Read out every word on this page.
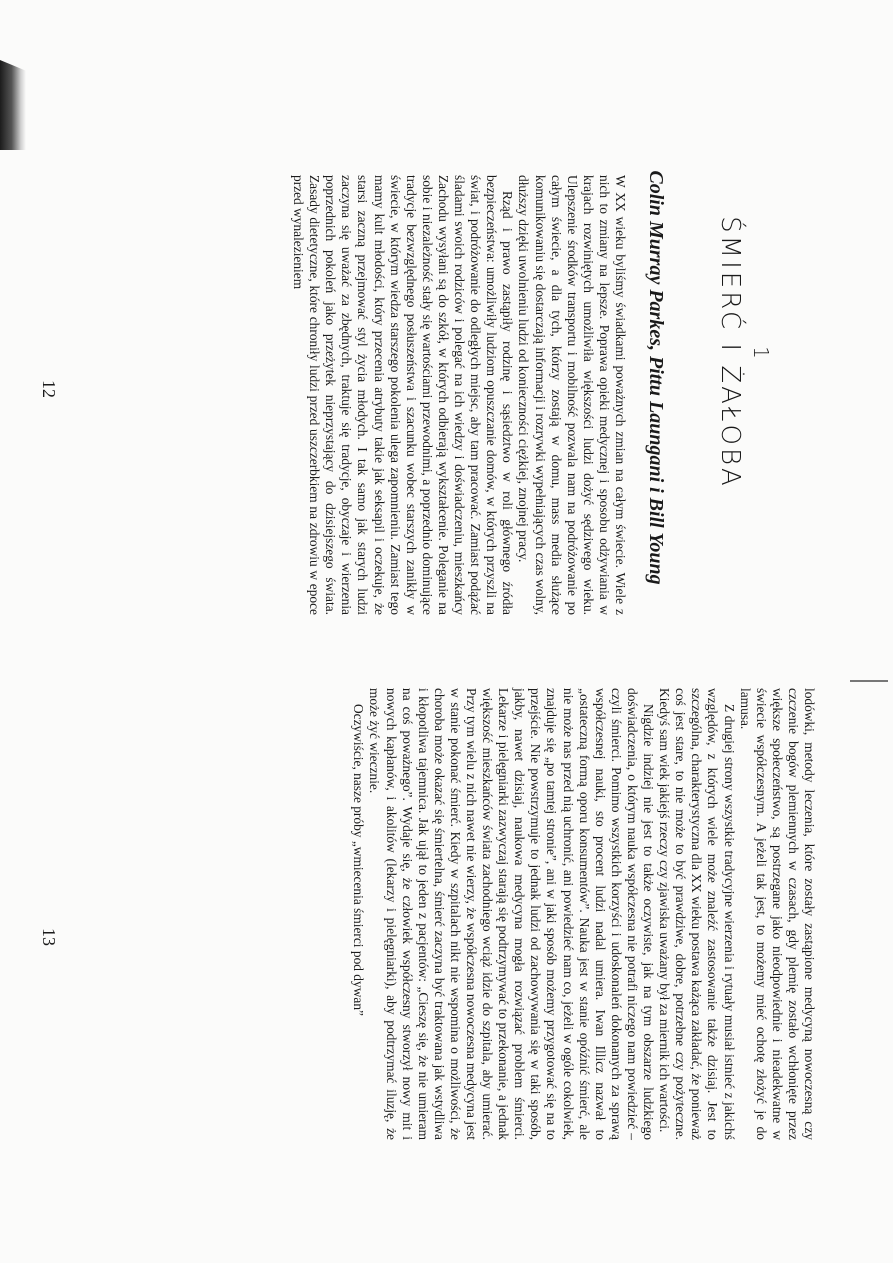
1
ŚMIERĆ I ŻAŁOBA
Colin Murray Parkes, Pittu Laungani i Bill Young

W XX wieku byliśmy świadkami poważnych zmian na całym świecie. Wiele z nich to zmiany na lepsze. Poprawa opieki medycznej i sposobu odżywiania w krajach rozwiniętych umożliwiła większości ludzi dożyć sędziwego wieku. Ulepszenie środków transportu i mobilność pozwala nam na podróżowanie po całym świecie, a dla tych, którzy zostają w domu, mass media służące komunikowaniu się dostarczają informacji i rozrywki wypełniających czas wolny, dłuższy dzięki uwolnieniu ludzi od konieczności ciężkiej, znojnej pracy.

Rząd i prawo zastąpiły rodzinę i sąsiedztwo w roli głównego źródła bezpieczeństwa: umożliwiły ludziom opuszczanie domów, w których przyszli na świat, i podróżowanie do odległych miejsc, aby tam pracować. Zamiast podążać śladami swoich rodziców i polegać na ich wiedzy i doświadczeniu, mieszkańcy Zachodu wysyłani są do szkół, w których odbierają wykształcenie. Poleganie na sobie i niezależność stały się wartościami przewodnimi, a poprzednio dominujące tradycje bezwzględnego posłuszeństwa i szacunku wobec starszych zanikły w świecie, w którym wiedza starszego pokolenia ulega zapomnieniu. Zamiast tego mamy kult młodości, który przecenia atrybuty takie jak seksapil i oczekuje, że starsi zaczną przejmować styl życia młodych. I tak samo jak starych ludzi zaczyna się uważać za zbędnych, traktuje się tradycje, obyczaje i wierzenia poprzednich pokoleń jako przeżytek nieprzystający do dzisiejszego świata. Zasady dietetyczne, które chroniły ludzi przed uszczerbkiem na zdrowiu w epoce przed wynalezieniem

12

lodówki, metody leczenia, które zostały zastąpione medycyną nowoczesną czy czczenie bogów plemiennych w czasach, gdy plemię zostało wchłonięte przez większe społeczeństwo, są postrzegane jako nieodpowiednie i nieadekwatne w świecie współczesnym. A jeżeli tak jest, to możemy mieć ochotę złożyć je do lamusa.

Z drugiej strony wszystkie tradycyjne wierzenia i rytuały musiał istnieć z jakichś względów, z których wiele może znaleźć zastosowanie także dzisiaj. Jest to szczególna, charakterystyczna dla XX wieku postawa każąca zakładać, że ponieważ coś jest stare, to nie może to być prawdziwe, dobre, potrzebne czy pożyteczne. Kiedyś sam wiek jakiejś rzeczy czy zjawiska uważany był za miernik ich wartości.

Nigdzie indziej nie jest to także oczywiste, jak na tym obszarze ludzkiego doświadczenia, o którym nauka współczesna nie potrafi niczego nam powiedzieć – czyli śmierci. Pomimo wszystkich korzyści i udoskonaleń dokonanych za sprawą współczesnej nauki, sto procent ludzi nadal umiera. Iwan Illicz nazwał to „ostateczną formą oporu konsumentów”. Nauka jest w stanie opóźnić śmierć, ale nie może nas przed nią uchronić, ani powiedzieć nam co, jeżeli w ogóle cokolwiek, znajduje się „po tamtej stronie”, ani w jaki sposób możemy przygotować się na to przejście. Nie powstrzymuje to jednak ludzi od zachowywania się w taki sposób, jakby, nawet dzisiaj, naukowa medycyna mogła rozwiązać problem śmierci. Lekarze i pielęgniarki zazwyczaj starają się podtrzymywać to przekonanie, a jednak większość mieszkańców świata zachodniego wciąż idzie do szpitala, aby umierać. Przy tym wielu z nich nawet nie wierzy, że współczesna nowoczesna medycyna jest w stanie pokonać śmierć. Kiedy w szpitalach nikt nie wspomina o możliwości, że choroba może okazać się śmiertelna, śmierć zaczyna być traktowana jak wstydliwa i kłopotliwa tajemnica. Jak ujął to jeden z pacjentów: „Cieszę się, że nie umieram na coś poważnego”. Wydaje się, że człowiek współczesny stworzył nowy mit i nowych kapłanów, i akolitów (lekarzy i pielęgniarki), aby podtrzymać iluzję, że może żyć wiecznie.

Oczywiście, nasze próby „wmiecenia śmierci pod dywan”

13
